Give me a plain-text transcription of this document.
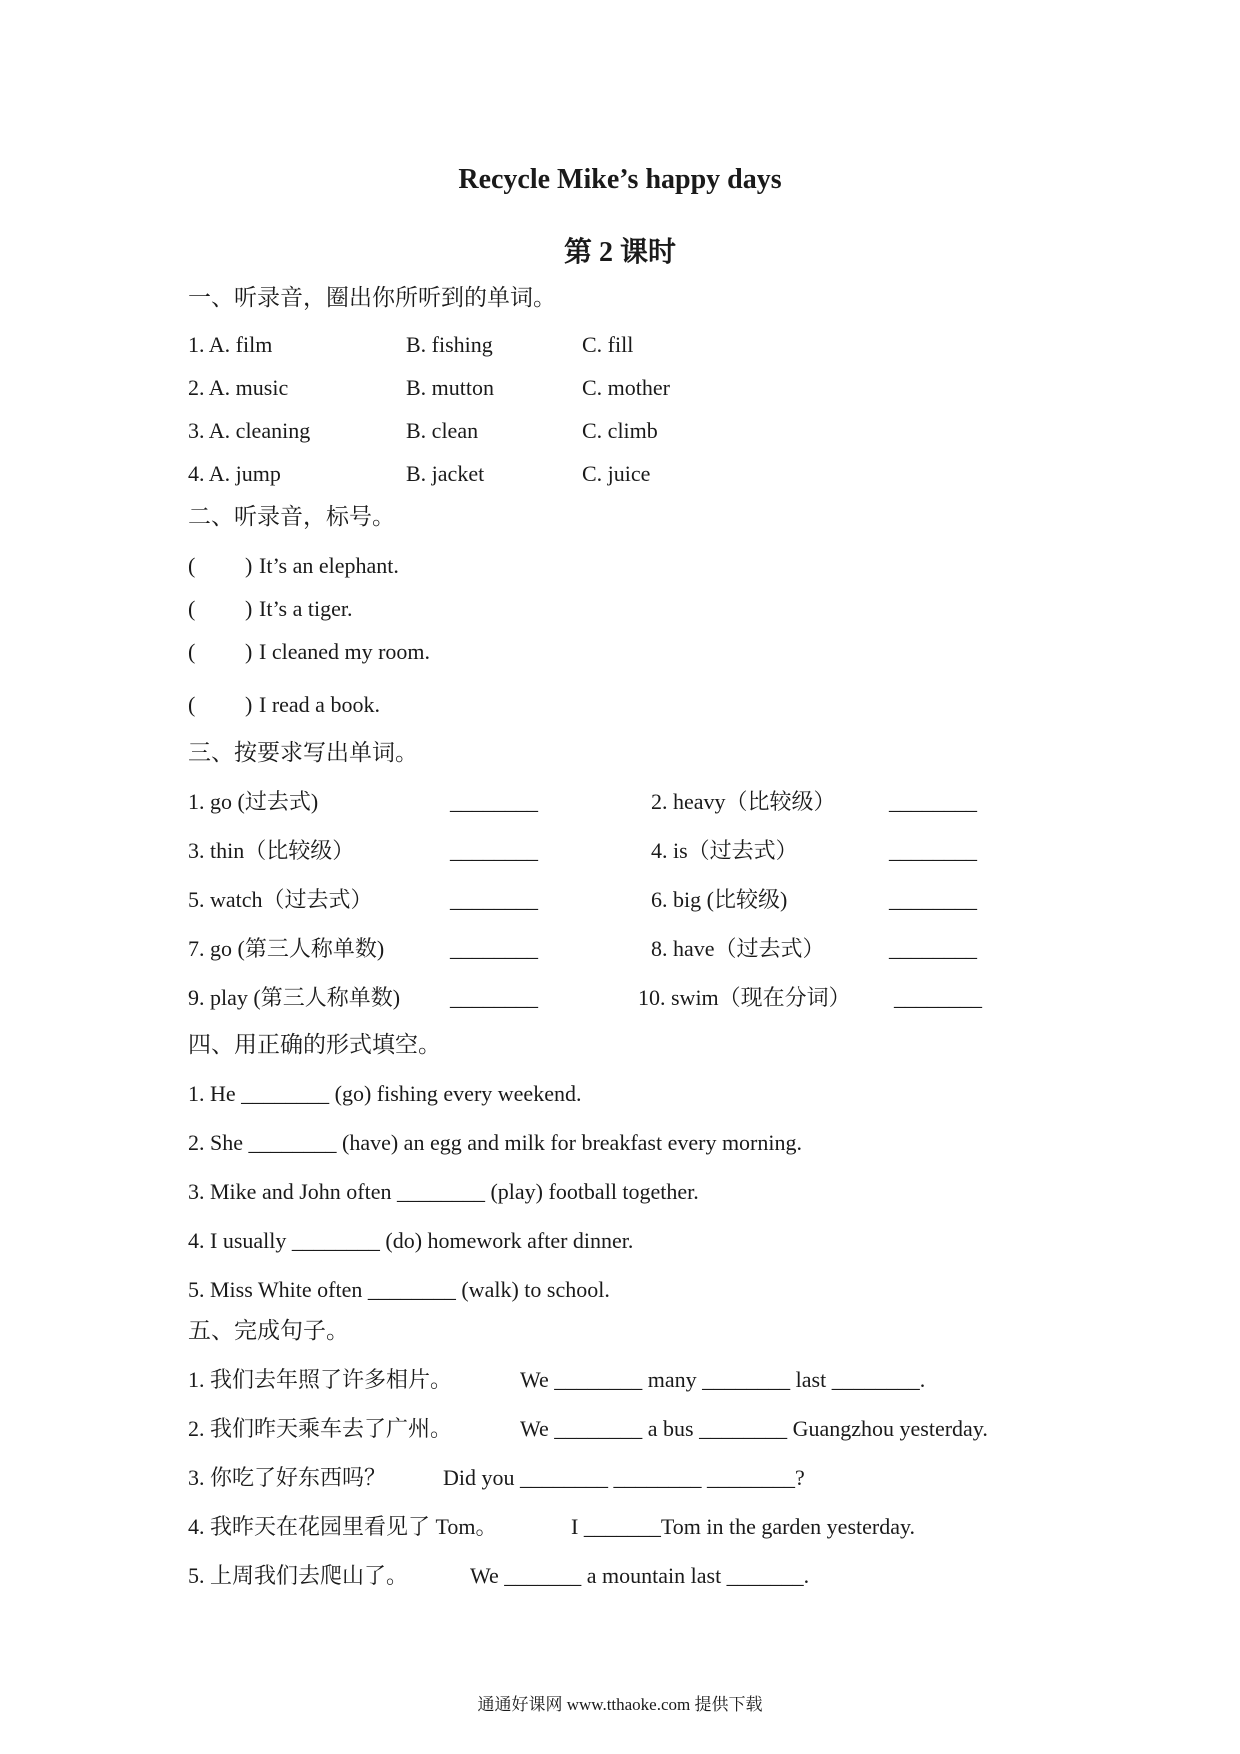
Recycle Mike’s happy days
第 2 课时
一、听录音，圈出你所听到的单词。
1. A. film	B. fishing	C. fill
2. A. music	B. mutton	C. mother
3. A. cleaning	B. clean	C. climb
4. A. jump	B. jacket	C. juice
二、听录音，标号。
( ) It’s an elephant.
( ) It’s a tiger.
( ) I cleaned my room.
( ) I read a book.
三、按要求写出单词。
1. go (过去式)	________	2. heavy（比较级） ________
3. thin（比较级）	________	4. is（过去式）	________
5. watch（过去式）	________	6. big (比较级)	________
7. go (第三人称单数)	________	8. have（过去式）	________
9. play (第三人称单数) ________	10. swim（现在分词） ________
四、用正确的形式填空。
1. He ________ (go) fishing every weekend.
2. She ________ (have) an egg and milk for breakfast every morning.
3. Mike and John often ________ (play) football together.
4. I usually ________ (do) homework after dinner.
5. Miss White often ________ (walk) to school.
五、完成句子。
1. 我们去年照了许多相片。	We ________ many ________ last ________.
2. 我们昨天乘车去了广州。	We ________ a bus ________ Guangzhou yesterday.
3. 你吃了好东西吗？	Did you ________ ________ ________?
4. 我昨天在花园里看见了 Tom。	I _______Tom in the garden yesterday.
5. 上周我们去爬山了。	We _______ a mountain last _______.
通通好课网 www.tthaoke.com 提供下载
